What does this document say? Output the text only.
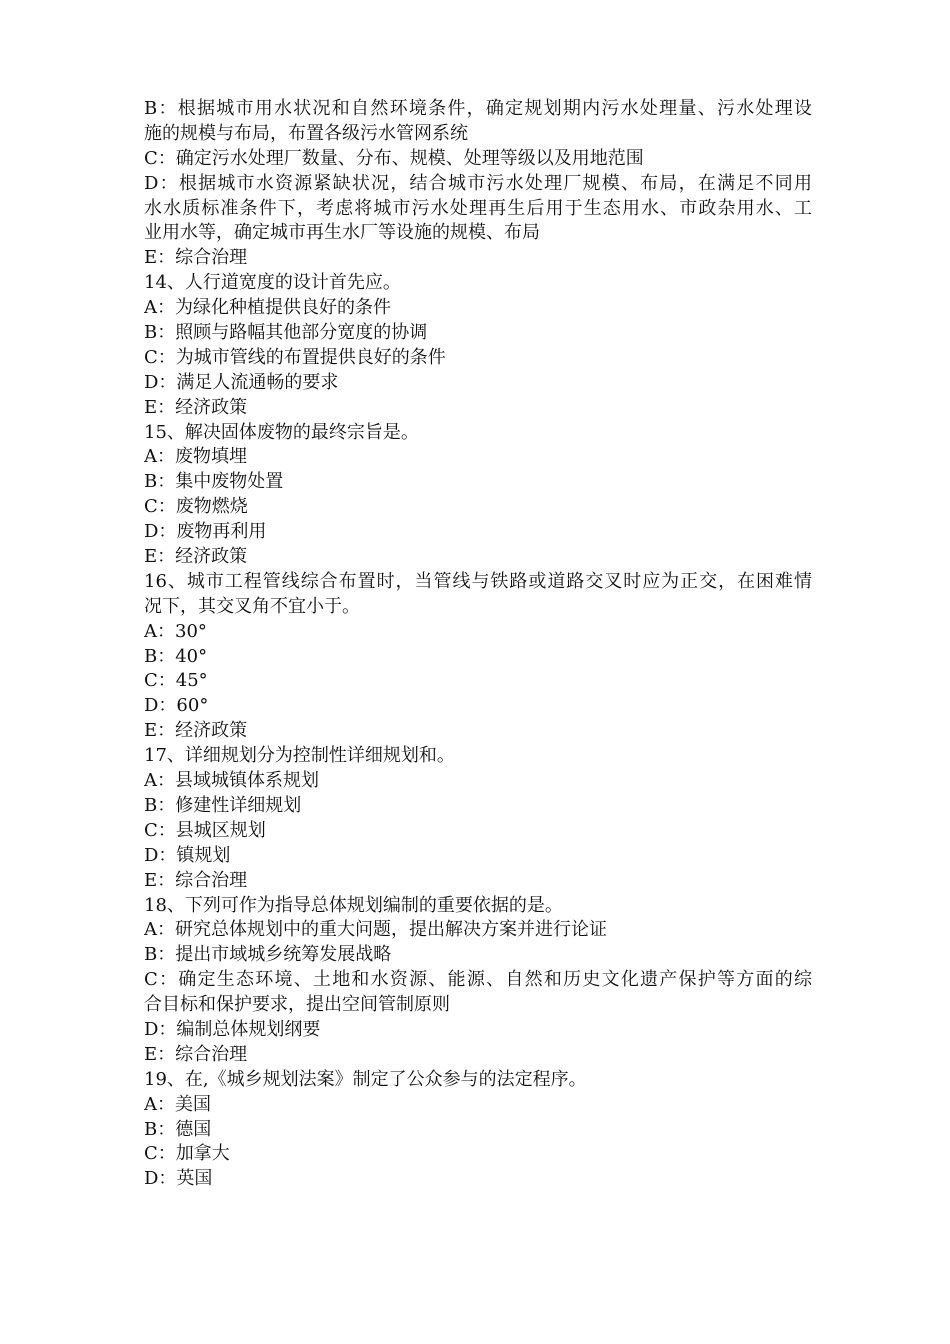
B：根据城市用水状况和自然环境条件，确定规划期内污水处理量、污水处理设
施的规模与布局，布置各级污水管网系统
C：确定污水处理厂数量、分布、规模、处理等级以及用地范围
D：根据城市水资源紧缺状况，结合城市污水处理厂规模、布局，在满足不同用
水水质标准条件下，考虑将城市污水处理再生后用于生态用水、市政杂用水、工
业用水等，确定城市再生水厂等设施的规模、布局
E：综合治理
14、人行道宽度的设计首先应。
A：为绿化种植提供良好的条件
B：照顾与路幅其他部分宽度的协调
C：为城市管线的布置提供良好的条件
D：满足人流通畅的要求
E：经济政策
15、解决固体废物的最终宗旨是。
A：废物填埋
B：集中废物处置
C：废物燃烧
D：废物再利用
E：经济政策
16、城市工程管线综合布置时，当管线与铁路或道路交叉时应为正交，在困难情
况下，其交叉角不宜小于。
A：30°
B：40°
C：45°
D：60°
E：经济政策
17、详细规划分为控制性详细规划和。
A：县域城镇体系规划
B：修建性详细规划
C：县城区规划
D：镇规划
E：综合治理
18、下列可作为指导总体规划编制的重要依据的是。
A：研究总体规划中的重大问题，提出解决方案并进行论证
B：提出市域城乡统筹发展战略
C：确定生态环境、土地和水资源、能源、自然和历史文化遗产保护等方面的综
合目标和保护要求，提出空间管制原则
D：编制总体规划纲要
E：综合治理
19、在,《城乡规划法案》制定了公众参与的法定程序。
A：美国
B：德国
C：加拿大
D：英国
